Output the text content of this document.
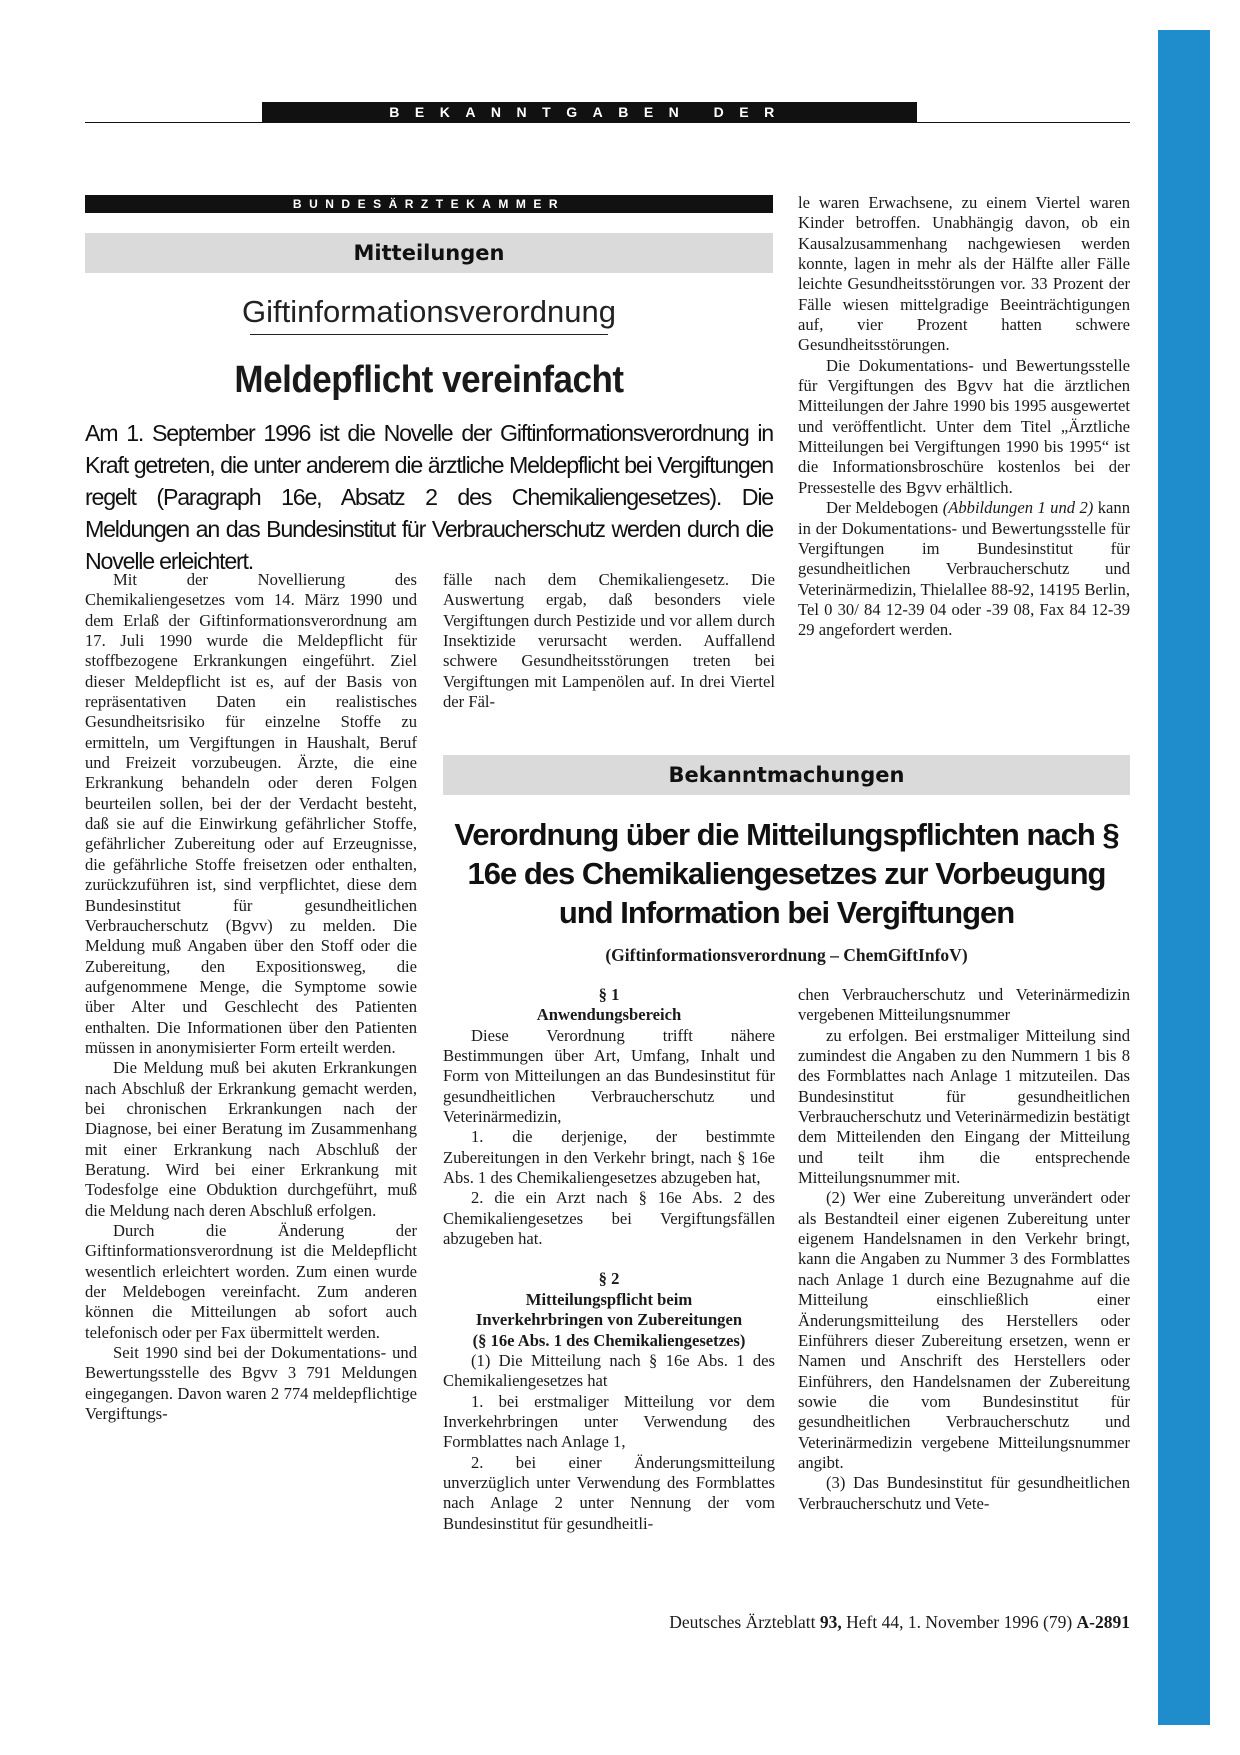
BEKANNTGABEN DER HERAUSGEBER
BUNDESÄRZTEKAMMER
Mitteilungen
Giftinformationsverordnung
Meldepflicht vereinfacht
Am 1. September 1996 ist die Novelle der Giftinformationsverordnung in Kraft getreten, die unter anderem die ärztliche Meldepflicht bei Vergiftungen regelt (Paragraph 16e, Absatz 2 des Chemikaliengesetzes). Die Meldungen an das Bundesinstitut für Verbraucherschutz werden durch die Novelle erleichtert.

Mit der Novellierung des Chemikaliengesetzes vom 14. März 1990 und dem Erlaß der Giftinformationsverordnung am 17. Juli 1990 wurde die Meldepflicht für stoffbezogene Erkrankungen eingeführt. Ziel dieser Meldepflicht ist es, auf der Basis von repräsentativen Daten ein realistisches Gesundheitsrisiko für einzelne Stoffe zu ermitteln, um Vergiftungen in Haushalt, Beruf und Freizeit vorzubeugen. Ärzte, die eine Erkrankung behandeln oder deren Folgen beurteilen sollen, bei der der Verdacht besteht, daß sie auf die Einwirkung gefährlicher Stoffe, gefährlicher Zubereitung oder auf Erzeugnisse, die gefährliche Stoffe freisetzen oder enthalten, zurückzuführen ist, sind verpflichtet, diese dem Bundesinstitut für gesundheitlichen Verbraucherschutz (Bgvv) zu melden. Die Meldung muß Angaben über den Stoff oder die Zubereitung, den Expositionsweg, die aufgenommene Menge, die Symptome sowie über Alter und Geschlecht des Patienten enthalten. Die Informationen über den Patienten müssen in anonymisierter Form erteilt werden.

Die Meldung muß bei akuten Erkrankungen nach Abschluß der Erkrankung gemacht werden, bei chronischen Erkrankungen nach der Diagnose, bei einer Beratung im Zusammenhang mit einer Erkrankung nach Abschluß der Beratung. Wird bei einer Erkrankung mit Todesfolge eine Obduktion durchgeführt, muß die Meldung nach deren Abschluß erfolgen.

Durch die Änderung der Giftinformationsverordnung ist die Meldepflicht wesentlich erleichtert worden. Zum einen wurde der Meldebogen vereinfacht. Zum anderen können die Mitteilungen ab sofort auch telefonisch oder per Fax übermittelt werden.

Seit 1990 sind bei der Dokumentations- und Bewertungsstelle des Bgvv 3 791 Meldungen eingegangen. Davon waren 2 774 meldepflichtige Vergiftungs-

fälle nach dem Chemikaliengesetz. Die Auswertung ergab, daß besonders viele Vergiftungen durch Pestizide und vor allem durch Insektizide verursacht werden. Auffallend schwere Gesundheitsstörungen treten bei Vergiftungen mit Lampenölen auf. In drei Viertel der Fäl-

le waren Erwachsene, zu einem Viertel waren Kinder betroffen. Unabhängig davon, ob ein Kausalzusammenhang nachgewiesen werden konnte, lagen in mehr als der Hälfte aller Fälle leichte Gesundheitsstörungen vor. 33 Prozent der Fälle wiesen mittelgradige Beeinträchtigungen auf, vier Prozent hatten schwere Gesundheitsstörungen.

Die Dokumentations- und Bewertungsstelle für Vergiftungen des Bgvv hat die ärztlichen Mitteilungen der Jahre 1990 bis 1995 ausgewertet und veröffentlicht. Unter dem Titel „Ärztliche Mitteilungen bei Vergiftungen 1990 bis 1995“ ist die Informationsbroschüre kostenlos bei der Pressestelle des Bgvv erhältlich.

Der Meldebogen (Abbildungen 1 und 2) kann in der Dokumentations- und Bewertungsstelle für Vergiftungen im Bundesinstitut für gesundheitlichen Verbraucherschutz und Veterinärmedizin, Thielallee 88-92, 14195 Berlin, Tel 0 30/ 84 12-39 04 oder -39 08, Fax 84 12-39 29 angefordert werden.

Bekanntmachungen
Verordnung über die Mitteilungspflichten nach § 16e des Chemikaliengesetzes zur Vorbeugung und Information bei Vergiftungen
(Giftinformationsverordnung – ChemGiftInfoV)

§ 1

Anwendungsbereich

Diese Verordnung trifft nähere Bestimmungen über Art, Umfang, Inhalt und Form von Mitteilungen an das Bundesinstitut für gesundheitlichen Verbraucherschutz und Veterinärmedizin,

1. die derjenige, der bestimmte Zubereitungen in den Verkehr bringt, nach § 16e Abs. 1 des Chemikaliengesetzes abzugeben hat,

2. die ein Arzt nach § 16e Abs. 2 des Chemikaliengesetzes bei Vergiftungsfällen abzugeben hat.

§ 2

Mitteilungspflicht beim

Inverkehrbringen von Zubereitungen

(§ 16e Abs. 1 des Chemikaliengesetzes)

(1) Die Mitteilung nach § 16e Abs. 1 des Chemikaliengesetzes hat

1. bei erstmaliger Mitteilung vor dem Inverkehrbringen unter Verwendung des Formblattes nach Anlage 1,

2. bei einer Änderungsmitteilung unverzüglich unter Verwendung des Formblattes nach Anlage 2 unter Nennung der vom Bundesinstitut für gesundheitli-

chen Verbraucherschutz und Veterinärmedizin vergebenen Mitteilungsnummer

zu erfolgen. Bei erstmaliger Mitteilung sind zumindest die Angaben zu den Nummern 1 bis 8 des Formblattes nach Anlage 1 mitzuteilen. Das Bundesinstitut für gesundheitlichen Verbraucherschutz und Veterinärmedizin bestätigt dem Mitteilenden den Eingang der Mitteilung und teilt ihm die entsprechende Mitteilungsnummer mit.

(2) Wer eine Zubereitung unverändert oder als Bestandteil einer eigenen Zubereitung unter eigenem Handelsnamen in den Verkehr bringt, kann die Angaben zu Nummer 3 des Formblattes nach Anlage 1 durch eine Bezugnahme auf die Mitteilung einschließlich einer Änderungsmitteilung des Herstellers oder Einführers dieser Zubereitung ersetzen, wenn er Namen und Anschrift des Herstellers oder Einführers, den Handelsnamen der Zubereitung sowie die vom Bundesinstitut für gesundheitlichen Verbraucherschutz und Veterinärmedizin vergebene Mitteilungsnummer angibt.

(3) Das Bundesinstitut für gesundheitlichen Verbraucherschutz und Vete-

Deutsches Ärzteblatt 93, Heft 44, 1. November 1996 (79) A-2891
